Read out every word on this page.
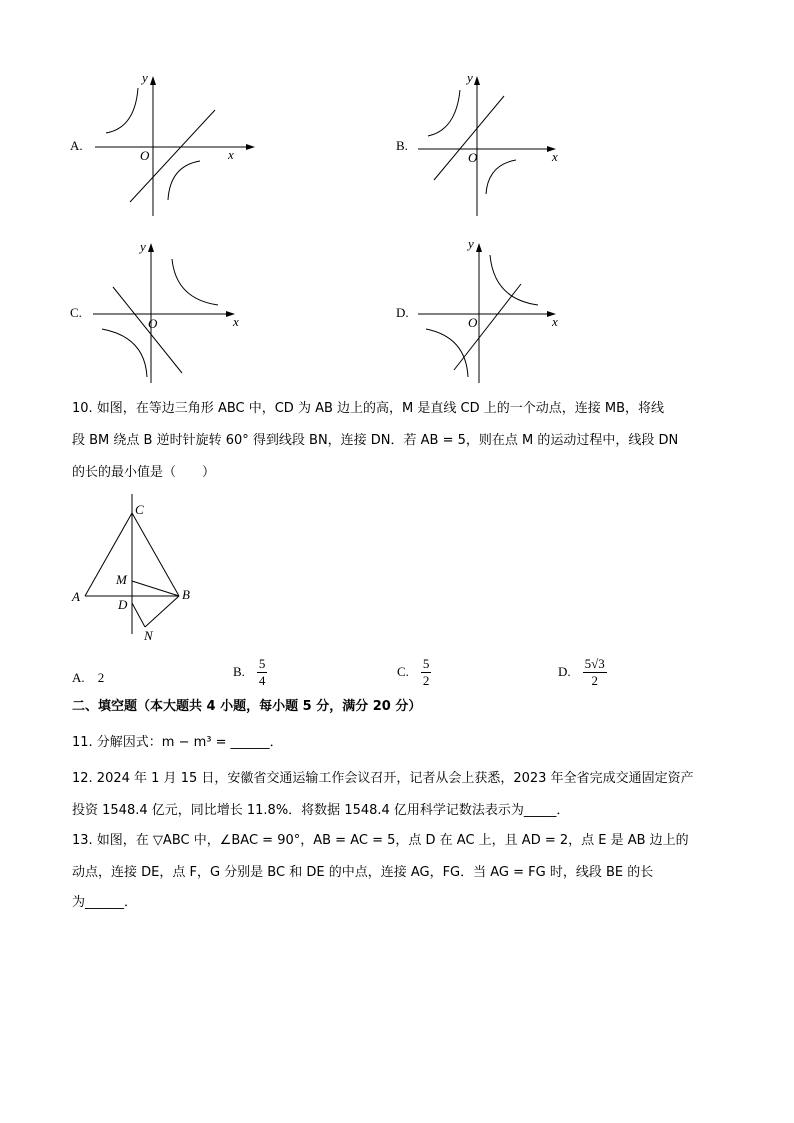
A.
y
x
O
B.
y
x
O
C.
y
x
O
D.
y
x
O
10. 如图，在等边三角形 ABC 中，CD 为 AB 边上的高，M 是直线 CD 上的一个动点，连接 MB，将线
段 BM 绕点 B 逆时针旋转 60° 得到线段 BN，连接 DN．若 AB = 5，则在点 M 的运动过程中，线段 DN
的长的最小值是（　　）
C
M
A
D
B
N
A. 2	B. $\frac{5}{4}$	C. $\frac{5}{2}$	D. $\frac{5√3}{2}$
二、填空题（本大题共 4 小题，每小题 5 分，满分 20 分）
11. 分解因式：m − m³ = ______．
12. 2024 年 1 月 15 日，安徽省交通运输工作会议召开，记者从会上获悉，2023 年全省完成交通固定资产
投资 1548.4 亿元，同比增长 11.8%．将数据 1548.4 亿用科学记数法表示为_____．
13. 如图，在 ▽ABC 中，∠BAC = 90°，AB = AC = 5，点 D 在 AC 上，且 AD = 2，点 E 是 AB 边上的
动点，连接 DE，点 F，G 分别是 BC 和 DE 的中点，连接 AG，FG．当 AG = FG 时，线段 BE 的长
为______．
